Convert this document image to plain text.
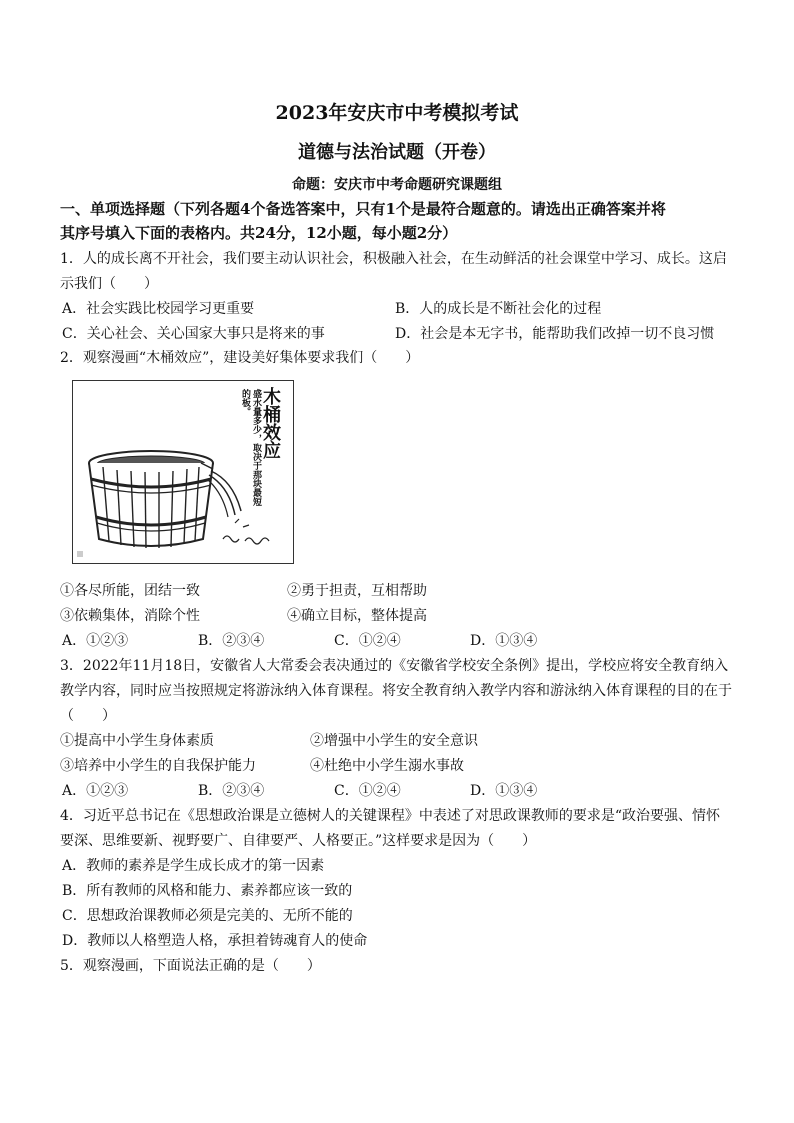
2023年安庆市中考模拟考试
道德与法治试题（开卷）
命题：安庆市中考命题研究课题组
一、单项选择题（下列各题4个备选答案中，只有1个是最符合题意的。请选出正确答案并将
其序号填入下面的表格内。共24分，12小题，每小题2分）
1．人的成长离不开社会，我们要主动认识社会，积极融入社会，在生动鲜活的社会课堂中学习、成长。这启
示我们（　　）
A．社会实践比校园学习更重要	B．人的成长是不断社会化的过程
C．关心社会、关心国家大事只是将来的事	D．社会是本无字书，能帮助我们改掉一切不良习惯
2．观察漫画“木桶效应”，建设美好集体要求我们（　　）
木桶效应
盛水量多少，取决于那块最短的板。
①各尽所能，团结一致	②勇于担责，互相帮助
③依赖集体，消除个性	④确立目标，整体提高
A．①②③	B．②③④	C．①②④	D．①③④
3．2022年11月18日，安徽省人大常委会表决通过的《安徽省学校安全条例》提出，学校应将安全教育纳入
教学内容，同时应当按照规定将游泳纳入体育课程。将安全教育纳入教学内容和游泳纳入体育课程的目的在于
（　　）
①提高中小学生身体素质	②增强中小学生的安全意识
③培养中小学生的自我保护能力	④杜绝中小学生溺水事故
A．①②③	B．②③④	C．①②④	D．①③④
4．习近平总书记在《思想政治课是立德树人的关键课程》中表述了对思政课教师的要求是“政治要强、情怀
要深、思维要新、视野要广、自律要严、人格要正。”这样要求是因为（　　）
A．教师的素养是学生成长成才的第一因素
B．所有教师的风格和能力、素养都应该一致的
C．思想政治课教师必须是完美的、无所不能的
D．教师以人格塑造人格，承担着铸魂育人的使命
5．观察漫画，下面说法正确的是（　　）
